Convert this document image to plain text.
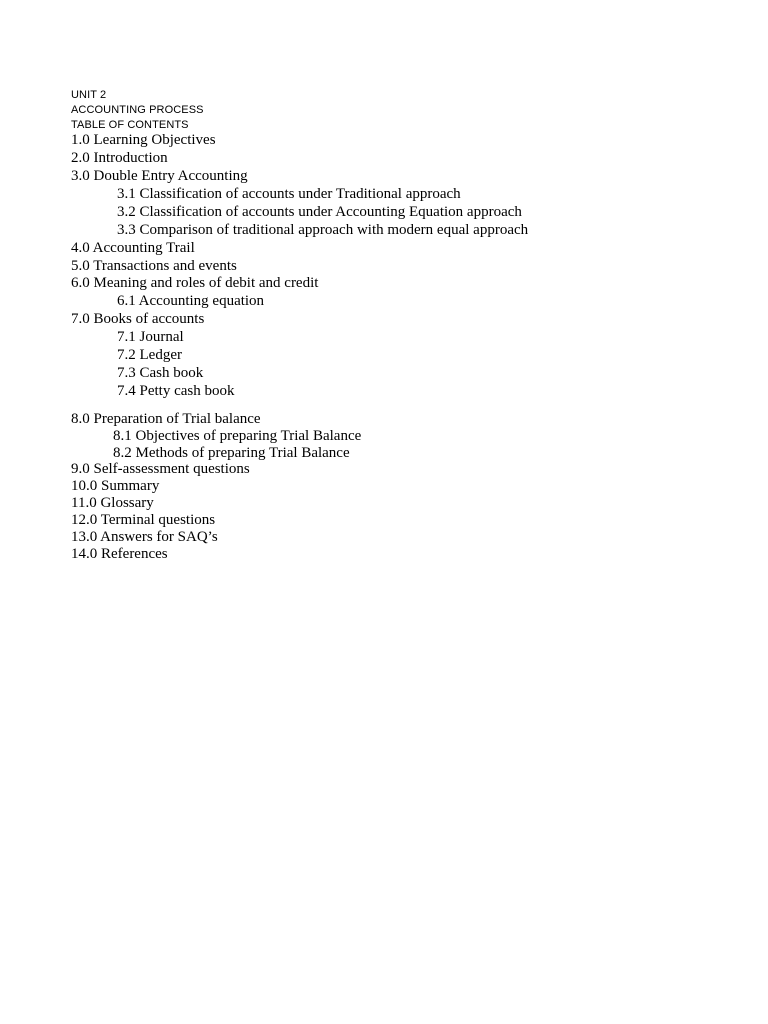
UNIT 2
ACCOUNTING PROCESS
TABLE OF CONTENTS
1.0 Learning Objectives
2.0 Introduction
3.0 Double Entry Accounting
3.1 Classification of accounts under Traditional approach
3.2 Classification of accounts under Accounting Equation approach
3.3 Comparison of traditional approach with modern equal approach
4.0 Accounting Trail
5.0 Transactions and events
6.0 Meaning and roles of debit and credit
6.1 Accounting equation
7.0 Books of accounts
7.1 Journal
7.2 Ledger
7.3 Cash book
7.4 Petty cash book
8.0 Preparation of Trial balance
8.1 Objectives of preparing Trial Balance
8.2 Methods of preparing Trial Balance
9.0 Self-assessment questions
10.0 Summary
11.0 Glossary
12.0 Terminal questions
13.0 Answers for SAQ’s
14.0 References
